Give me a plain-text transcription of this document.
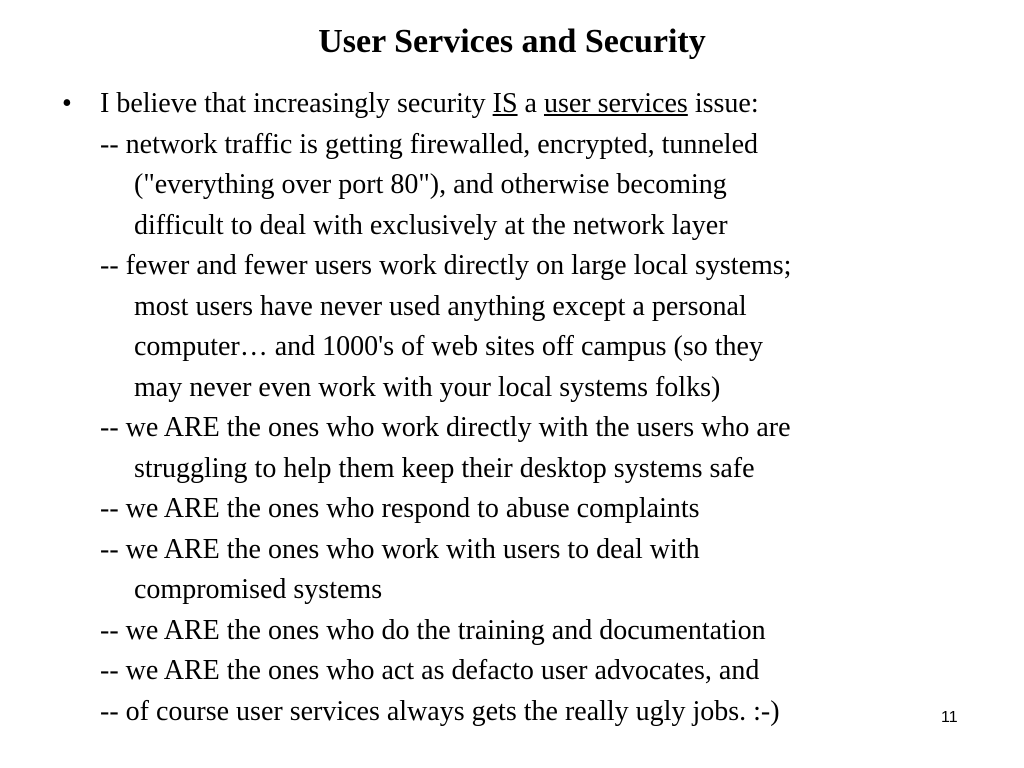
User Services and Security
• I believe that increasingly security IS a user services issue:
-- network traffic is getting firewalled, encrypted, tunneled
("everything over port 80"), and otherwise becoming
difficult to deal with exclusively at the network layer
-- fewer and fewer users work directly on large local systems;
most users have never used anything except a personal
computer… and 1000's of web sites off campus (so they
may never even work with your local systems folks)
-- we ARE the ones who work directly with the users who are
struggling to help them keep their desktop systems safe
-- we ARE the ones who respond to abuse complaints
-- we ARE the ones who work with users to deal with
compromised systems
-- we ARE the ones who do the training and documentation
-- we ARE the ones who act as defacto user advocates, and
-- of course user services always gets the really ugly jobs. :-)	11
